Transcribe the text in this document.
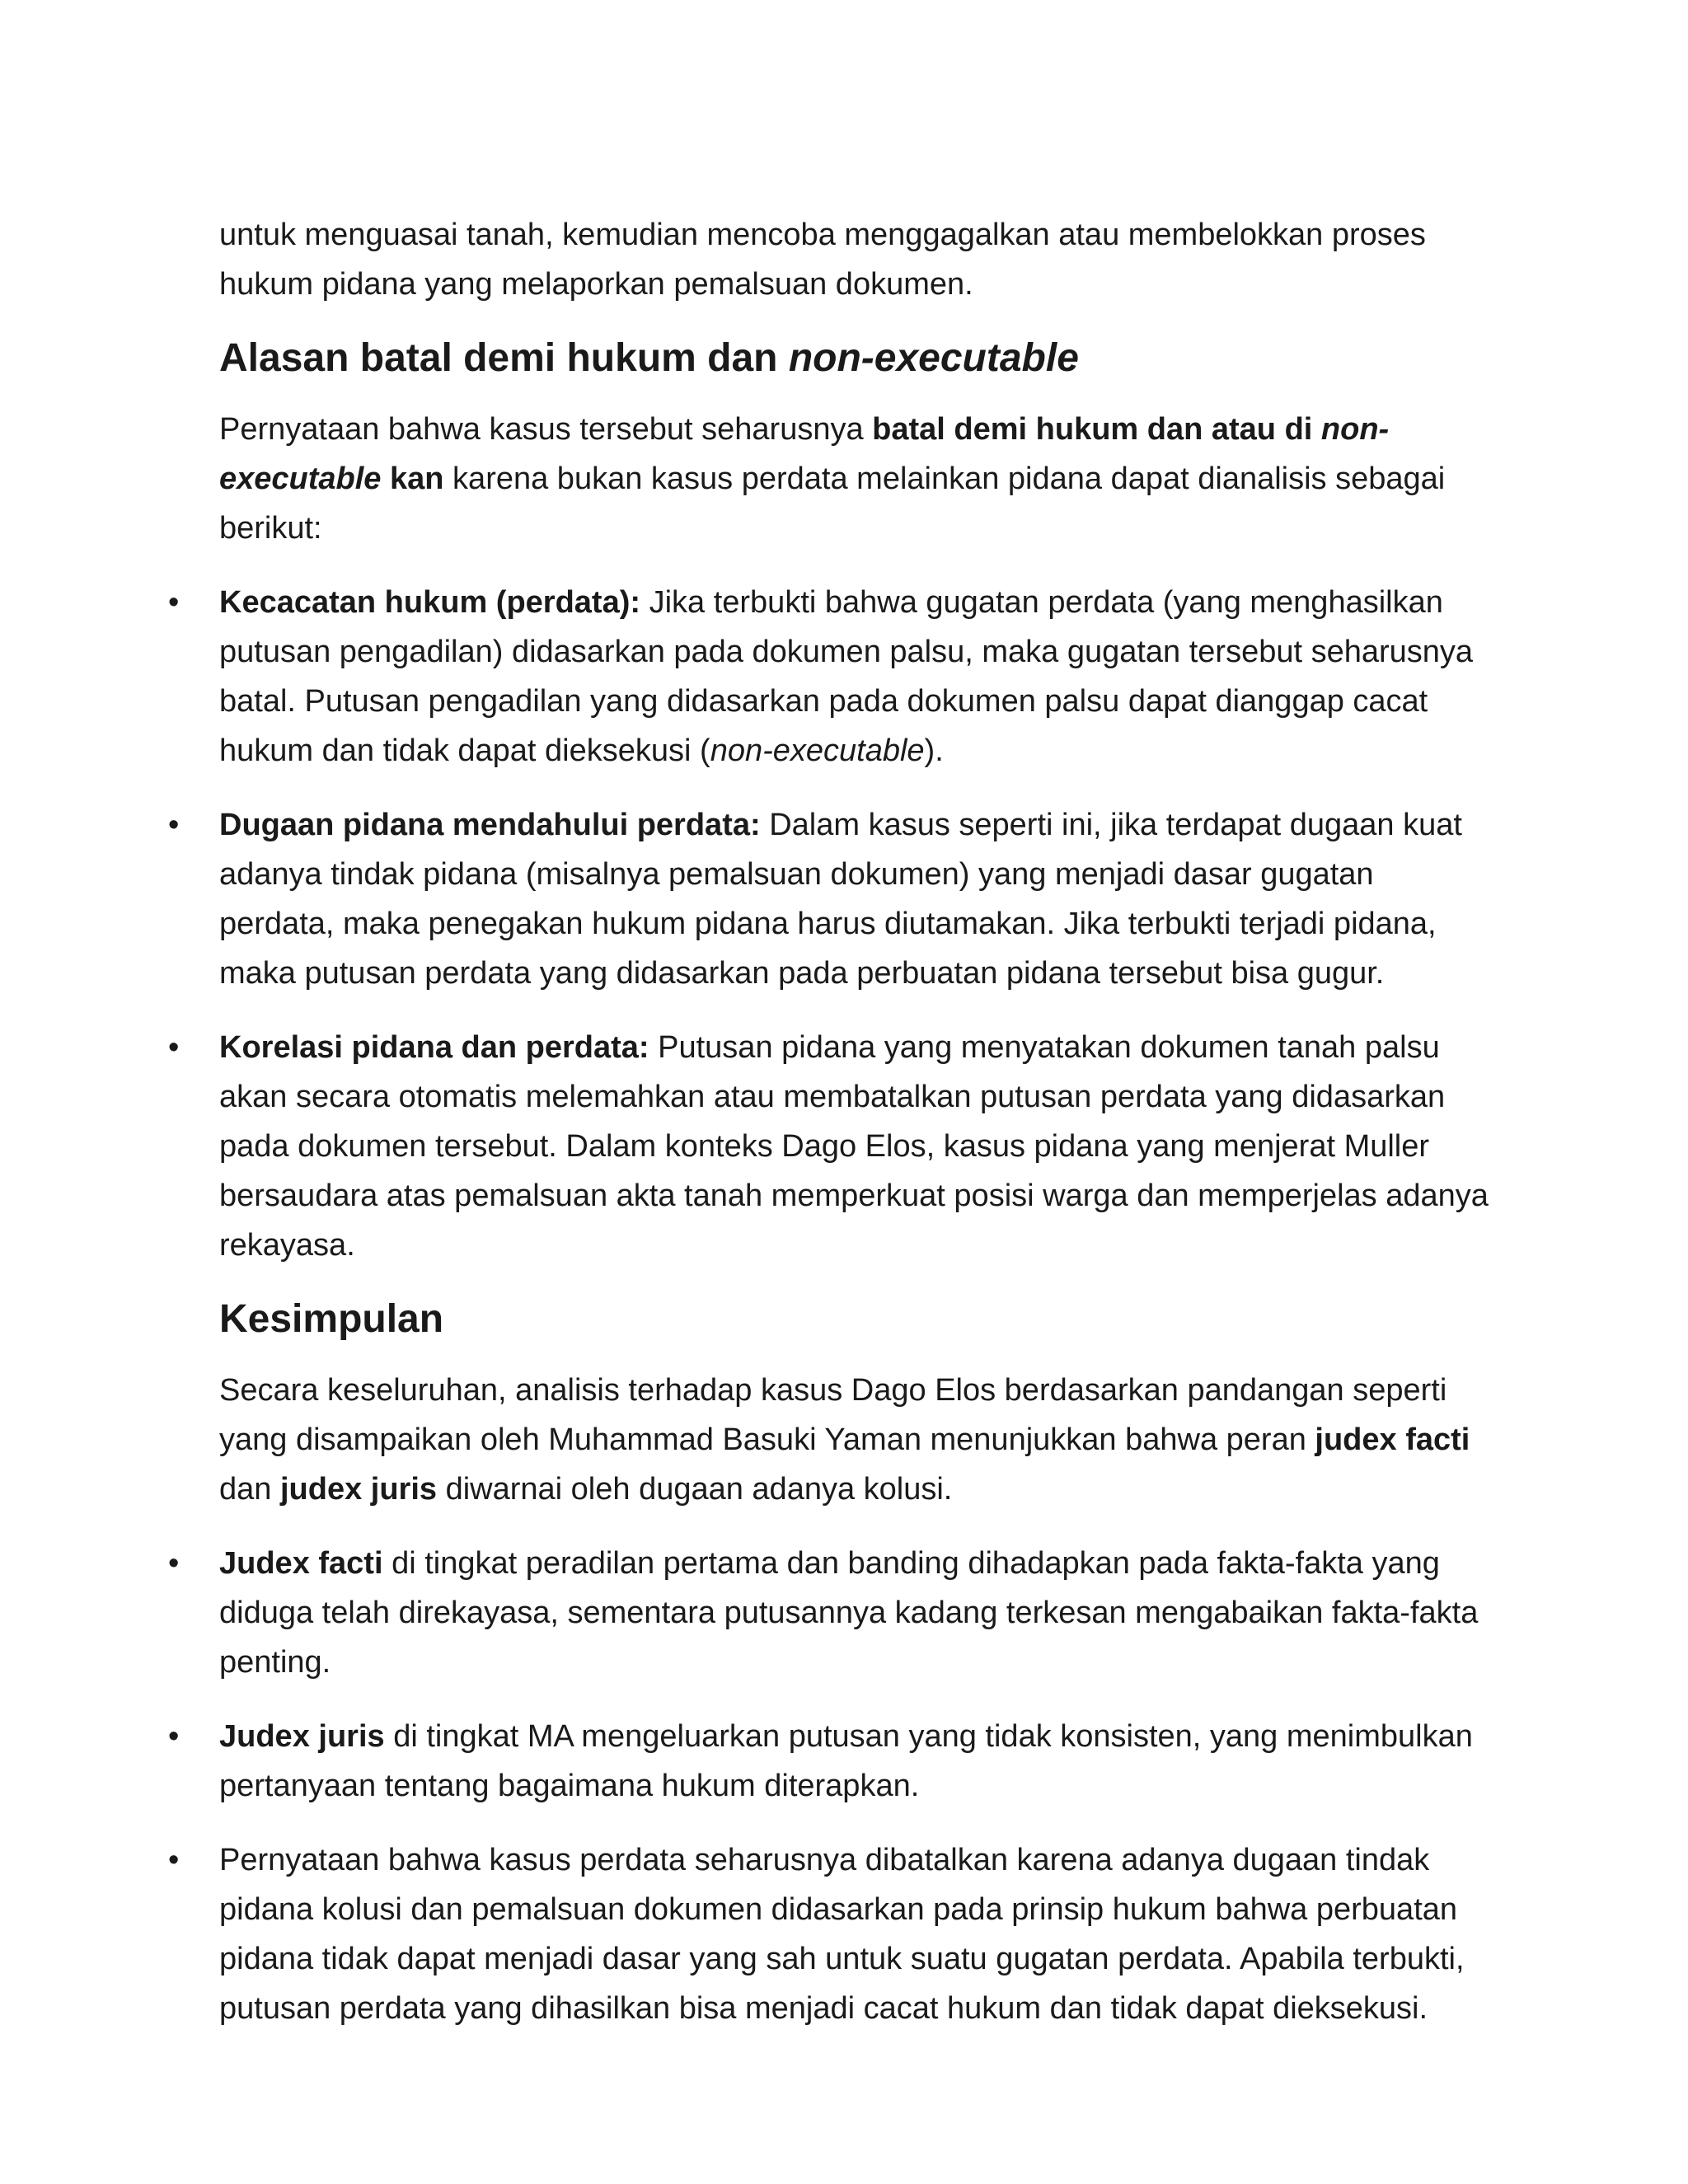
untuk menguasai tanah, kemudian mencoba menggagalkan atau membelokkan proses hukum pidana yang melaporkan pemalsuan dokumen.

Alasan batal demi hukum dan non-executable

Pernyataan bahwa kasus tersebut seharusnya batal demi hukum dan atau di non-executable kan karena bukan kasus perdata melainkan pidana dapat dianalisis sebagai berikut:

•
Kecacatan hukum (perdata): Jika terbukti bahwa gugatan perdata (yang menghasilkan putusan pengadilan) didasarkan pada dokumen palsu, maka gugatan tersebut seharusnya batal. Putusan pengadilan yang didasarkan pada dokumen palsu dapat dianggap cacat hukum dan tidak dapat dieksekusi (non-executable).
•
Dugaan pidana mendahului perdata: Dalam kasus seperti ini, jika terdapat dugaan kuat adanya tindak pidana (misalnya pemalsuan dokumen) yang menjadi dasar gugatan perdata, maka penegakan hukum pidana harus diutamakan. Jika terbukti terjadi pidana, maka putusan perdata yang didasarkan pada perbuatan pidana tersebut bisa gugur.
•
Korelasi pidana dan perdata: Putusan pidana yang menyatakan dokumen tanah palsu akan secara otomatis melemahkan atau membatalkan putusan perdata yang didasarkan pada dokumen tersebut. Dalam konteks Dago Elos, kasus pidana yang menjerat Muller bersaudara atas pemalsuan akta tanah memperkuat posisi warga dan memperjelas adanya rekayasa.
Kesimpulan

Secara keseluruhan, analisis terhadap kasus Dago Elos berdasarkan pandangan seperti yang disampaikan oleh Muhammad Basuki Yaman menunjukkan bahwa peran judex facti dan judex juris diwarnai oleh dugaan adanya kolusi.

•
Judex facti di tingkat peradilan pertama dan banding dihadapkan pada fakta-fakta yang diduga telah direkayasa, sementara putusannya kadang terkesan mengabaikan fakta-fakta penting.
•
Judex juris di tingkat MA mengeluarkan putusan yang tidak konsisten, yang menimbulkan pertanyaan tentang bagaimana hukum diterapkan.
•
Pernyataan bahwa kasus perdata seharusnya dibatalkan karena adanya dugaan tindak pidana kolusi dan pemalsuan dokumen didasarkan pada prinsip hukum bahwa perbuatan pidana tidak dapat menjadi dasar yang sah untuk suatu gugatan perdata. Apabila terbukti, putusan perdata yang dihasilkan bisa menjadi cacat hukum dan tidak dapat dieksekusi.
